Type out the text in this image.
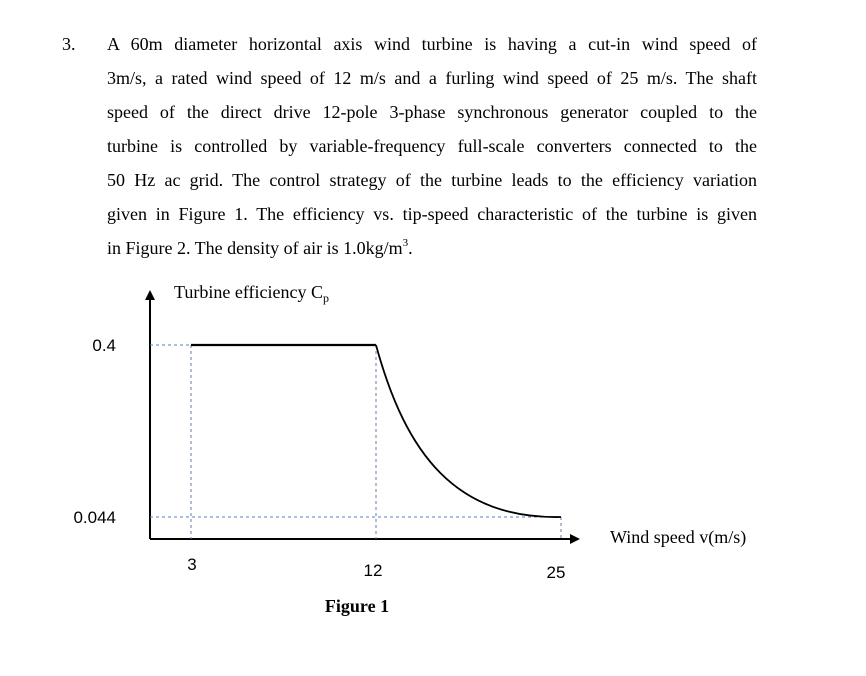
3. A 60m diameter horizontal axis wind turbine is having a cut-in wind speed of
3m/s, a rated wind speed of 12 m/s and a furling wind speed of 25 m/s. The shaft
speed of the direct drive 12-pole 3-phase synchronous generator coupled to the
turbine is controlled by variable-frequency full-scale converters connected to the
50 Hz ac grid. The control strategy of the turbine leads to the efficiency variation
given in Figure 1. The efficiency vs. tip-speed characteristic of the turbine is given
in Figure 2. The density of air is $1.0kg/m^3$.
0.4
0.044
3	12	25
Turbine efficiency $C_p$
Wind speed v(m/s)
Figure 1
